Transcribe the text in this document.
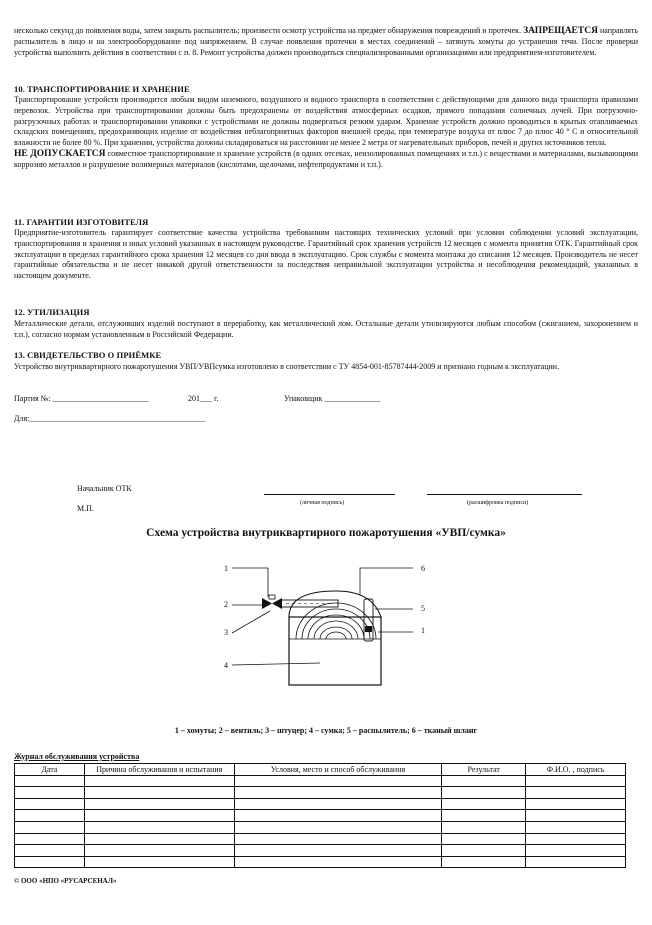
несколько секунд до появления воды, затем закрыть распылитель; произвести осмотр устройства на предмет обнаружения повреждений и протечек. ЗАПРЕЩАЕТСЯ направлять распылитель в лицо и на электрооборудование под напряжением. В случае появления протечки в местах соединений – затянуть хомуты до устранения течи. После проверки устройства выполнить действия в соответствии с п. 8. Ремонт устройства должен производиться специализированными организациями или предприятием-изготовителем.
10. ТРАНСПОРТИРОВАНИЕ И ХРАНЕНИЕ
Транспортирование устройств производится любым видом наземного, воздушного и водного транспорта в соответствии с действующими для данного вида транспорта правилами перевозок. Устройства при транспортировании должны быть предохранены от воздействия атмосферных осадков, прямого попадания солнечных лучей. При погрузочно-разгрузочных работах и транспортировании упаковки с устройствами не должны подвергаться резким ударам. Хранение устройств должно проводиться в крытых отапливаемых складских помещениях, предохраняющих изделие от воздействия неблагоприятных факторов внешней среды, при температуре воздуха от плюс 7 до плюс 40 ° С и относительной влажности не более 80 %. При хранении, устройства должны складироваться на расстоянии не менее 2 метра от нагревательных приборов, печей и других источников тепла.
НЕ ДОПУСКАЕТСЯ совместное транспортирование и хранение устройств (в одних отсеках, неизолированных помещениях и т.п.) с веществами и материалами, вызывающими коррозию металлов и разрушение полимерных материалов (кислотами, щелочами, нефтепродуктами и т.п.).
11. ГАРАНТИИ ИЗГОТОВИТЕЛЯ
Предприятие-изготовитель гарантирует соответствие качества устройства требованиям настоящих технических условий при условии соблюдении условий эксплуатации, транспортирования и хранения и иных условий указанных в настоящем руководстве. Гарантийный срок хранения устройств 12 месяцев с момента принятия ОТК. Гарантийный срок эксплуатации в пределах гарантийного срока хранения 12 месяцев со дня ввода в эксплуатацию. Срок службы с момента монтажа до списания 12 месяцев. Производитель не несет гарантийные обязательства и не несет никакой другой ответственности за последствия неправильной эксплуатации устройства и несоблюдения рекомендаций, указанных в настоящем документе.
12. УТИЛИЗАЦИЯ
Металлические детали, отслуживших изделий поступают в переработку, как металлический лом. Остальные детали утилизируются любым способом (сжиганием, захоронением и т.п.), согласно нормам установленным в Российской Федерации.
13. СВИДЕТЕЛЬСТВО О ПРИЁМКЕ
Устройство внутриквартирного пожаротушения УВП/УВПсумка изготовлено в соответствии с ТУ 4854-001-85787444-2009 и признано годным к эксплуатации.
Партия №: ________________________	201___ г.	Упаковщик ______________
Для:____________________________________________
Начальник ОТК
М.П.
(личная подпись)	(расшифровка подписи)
Схема устройства внутриквартирного пожаротушения «УВП/сумка»
1
2
3
4
5
6
1
1 – хомуты; 2 – вентиль; 3 – штуцер; 4 – сумка; 5 – распылитель; 6 – тканый шланг
Журнал обслуживания устройства
Дата	Причина обслуживания и испытания	Условия, место и способ обслуживания	Результат	Ф.И.О. , подпись

© ООО «НПО «РУСАРСЕНАЛ»
